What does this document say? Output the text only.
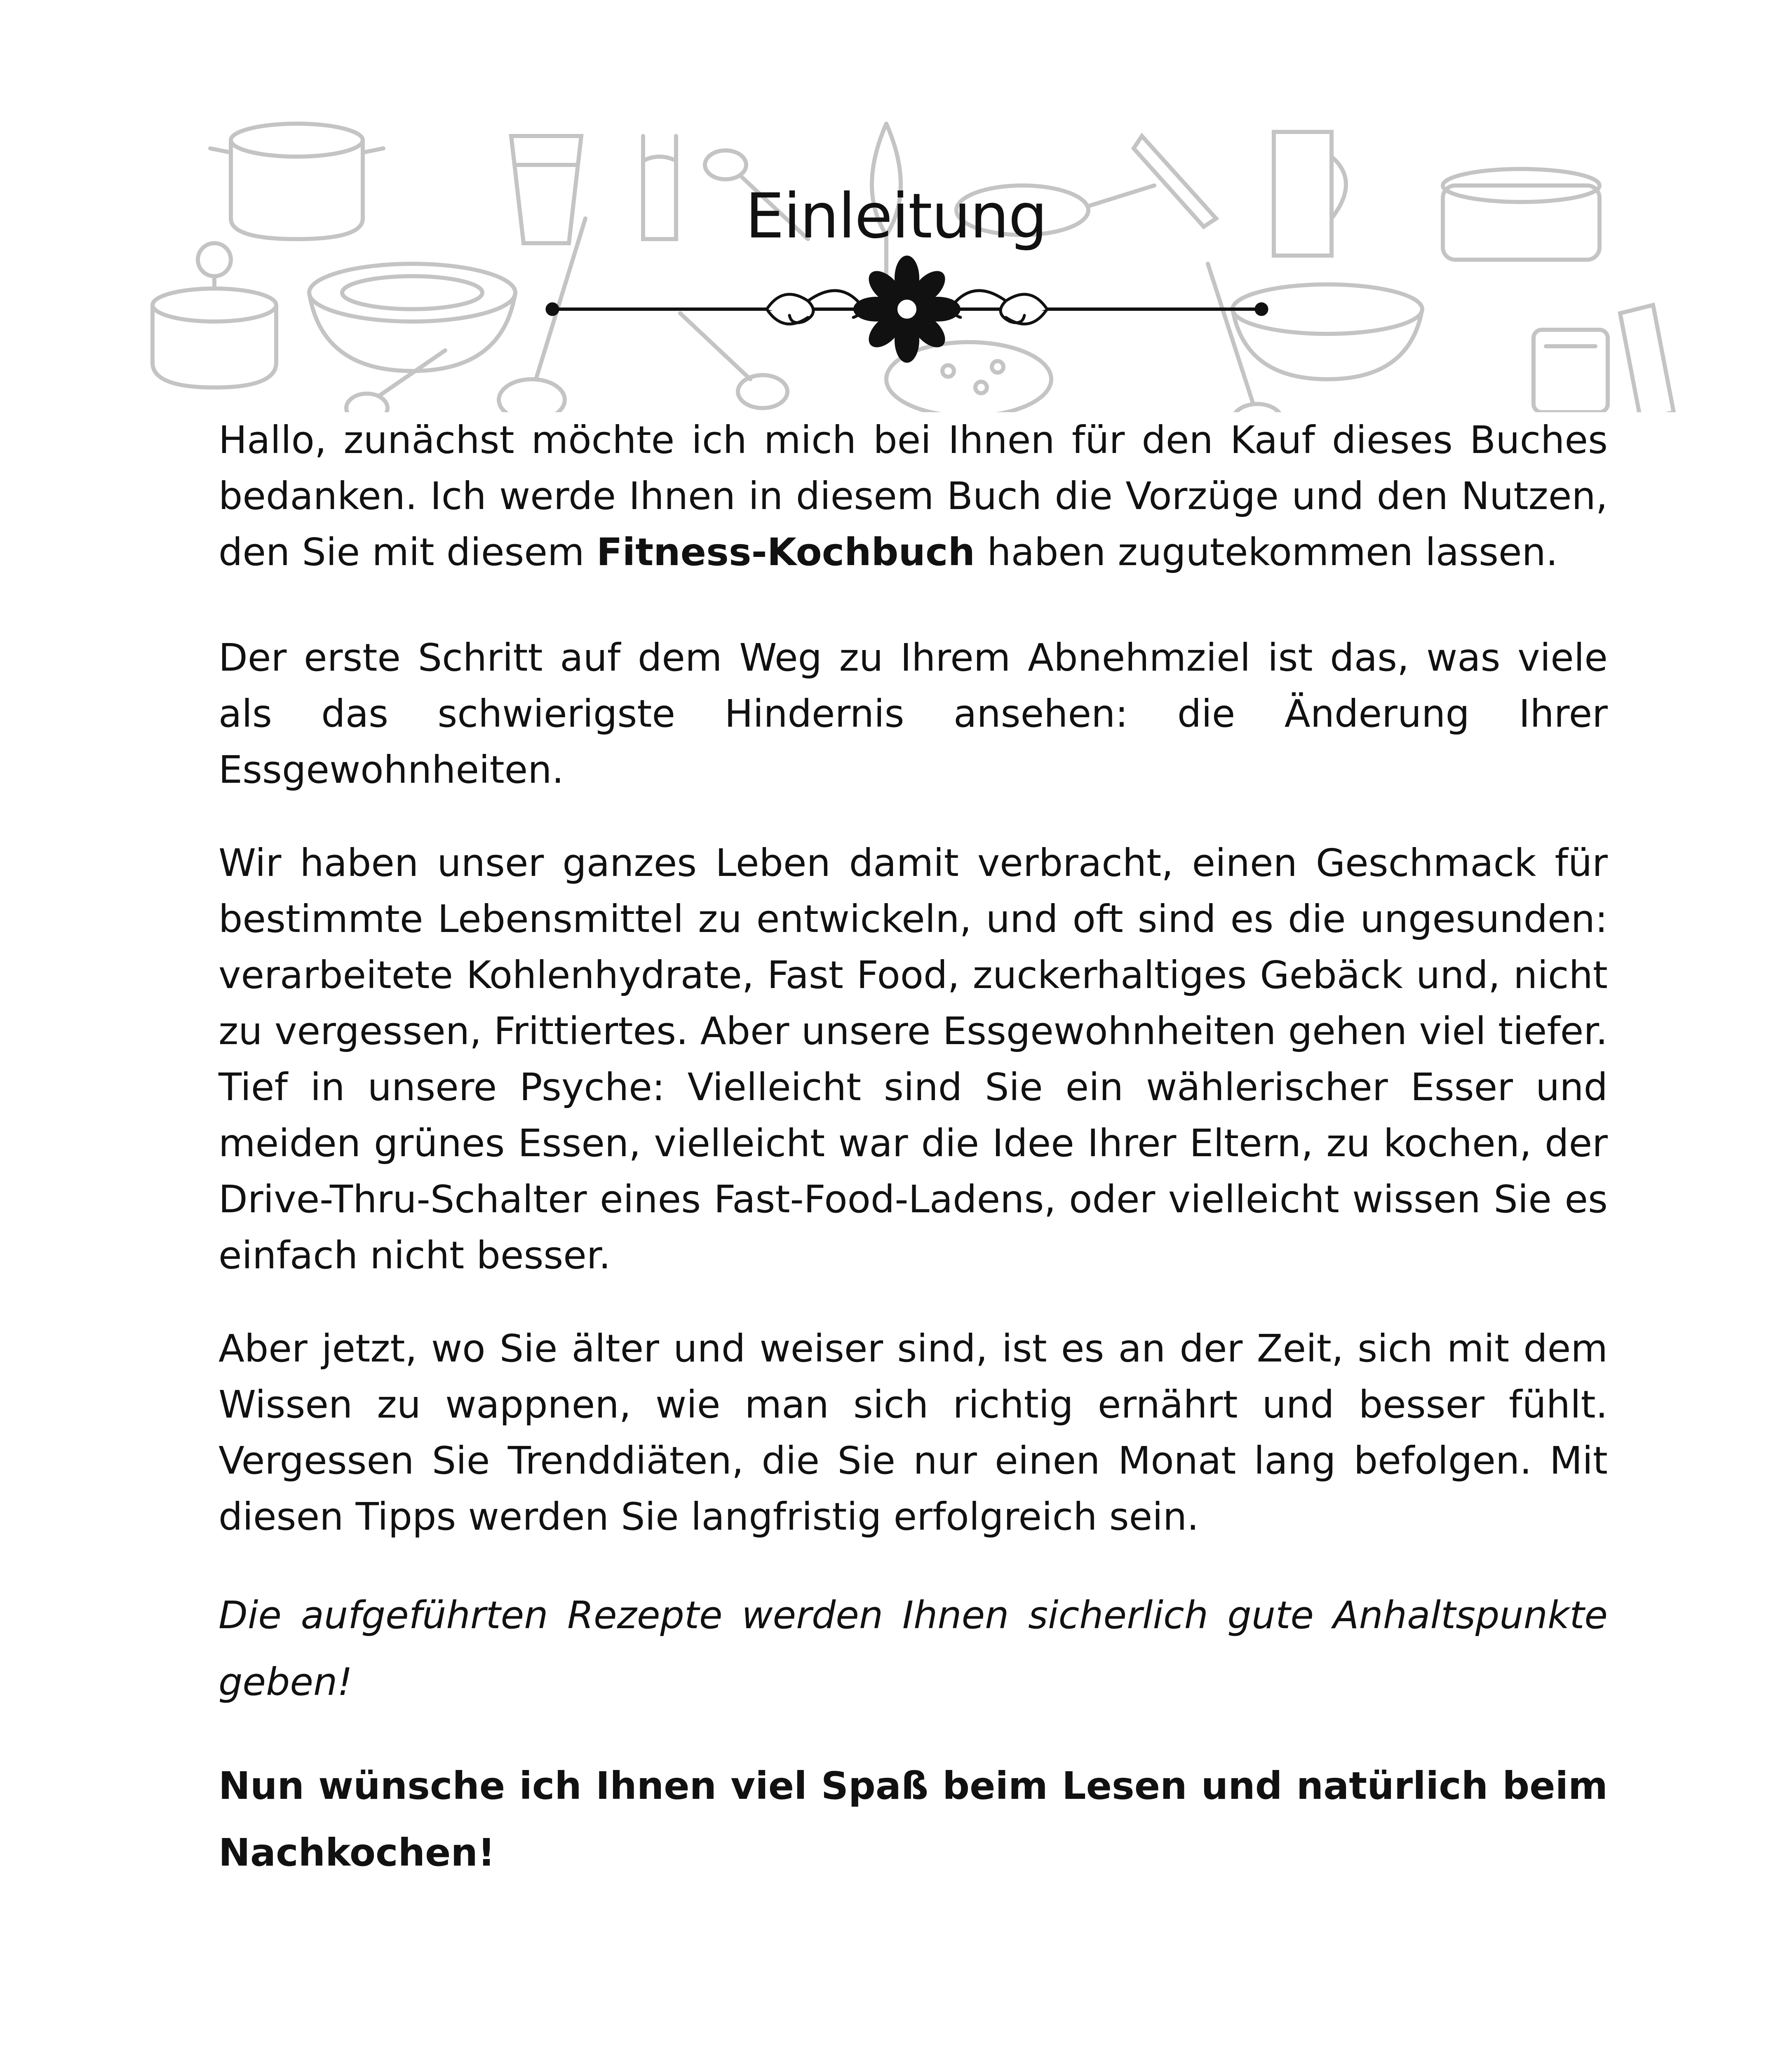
Einleitung

Hallo, zunächst möchte ich mich bei Ihnen für den Kauf dieses Buches bedanken. Ich werde Ihnen in diesem Buch die Vorzüge und den Nutzen, den Sie mit diesem Fitness-Kochbuch haben zugutekommen lassen.

Der erste Schritt auf dem Weg zu Ihrem Abnehmziel ist das, was viele als das schwierigste Hindernis ansehen: die Änderung Ihrer Essgewohnheiten.

Wir haben unser ganzes Leben damit verbracht, einen Geschmack für bestimmte Lebensmittel zu entwickeln, und oft sind es die ungesunden: verarbeitete Kohlenhydrate, Fast Food, zuckerhaltiges Gebäck und, nicht zu vergessen, Frittiertes. Aber unsere Essgewohnheiten gehen viel tiefer. Tief in unsere Psyche: Vielleicht sind Sie ein wählerischer Esser und meiden grünes Essen, vielleicht war die Idee Ihrer Eltern, zu kochen, der Drive-Thru-Schalter eines Fast-Food-Ladens, oder vielleicht wissen Sie es einfach nicht besser.

Aber jetzt, wo Sie älter und weiser sind, ist es an der Zeit, sich mit dem Wissen zu wappnen, wie man sich richtig ernährt und besser fühlt. Vergessen Sie Trenddiäten, die Sie nur einen Monat lang befolgen. Mit diesen Tipps werden Sie langfristig erfolgreich sein.

Die aufgeführten Rezepte werden Ihnen sicherlich gute Anhaltspunkte geben!

Nun wünsche ich Ihnen viel Spaß beim Lesen und natürlich beim Nachkochen!
